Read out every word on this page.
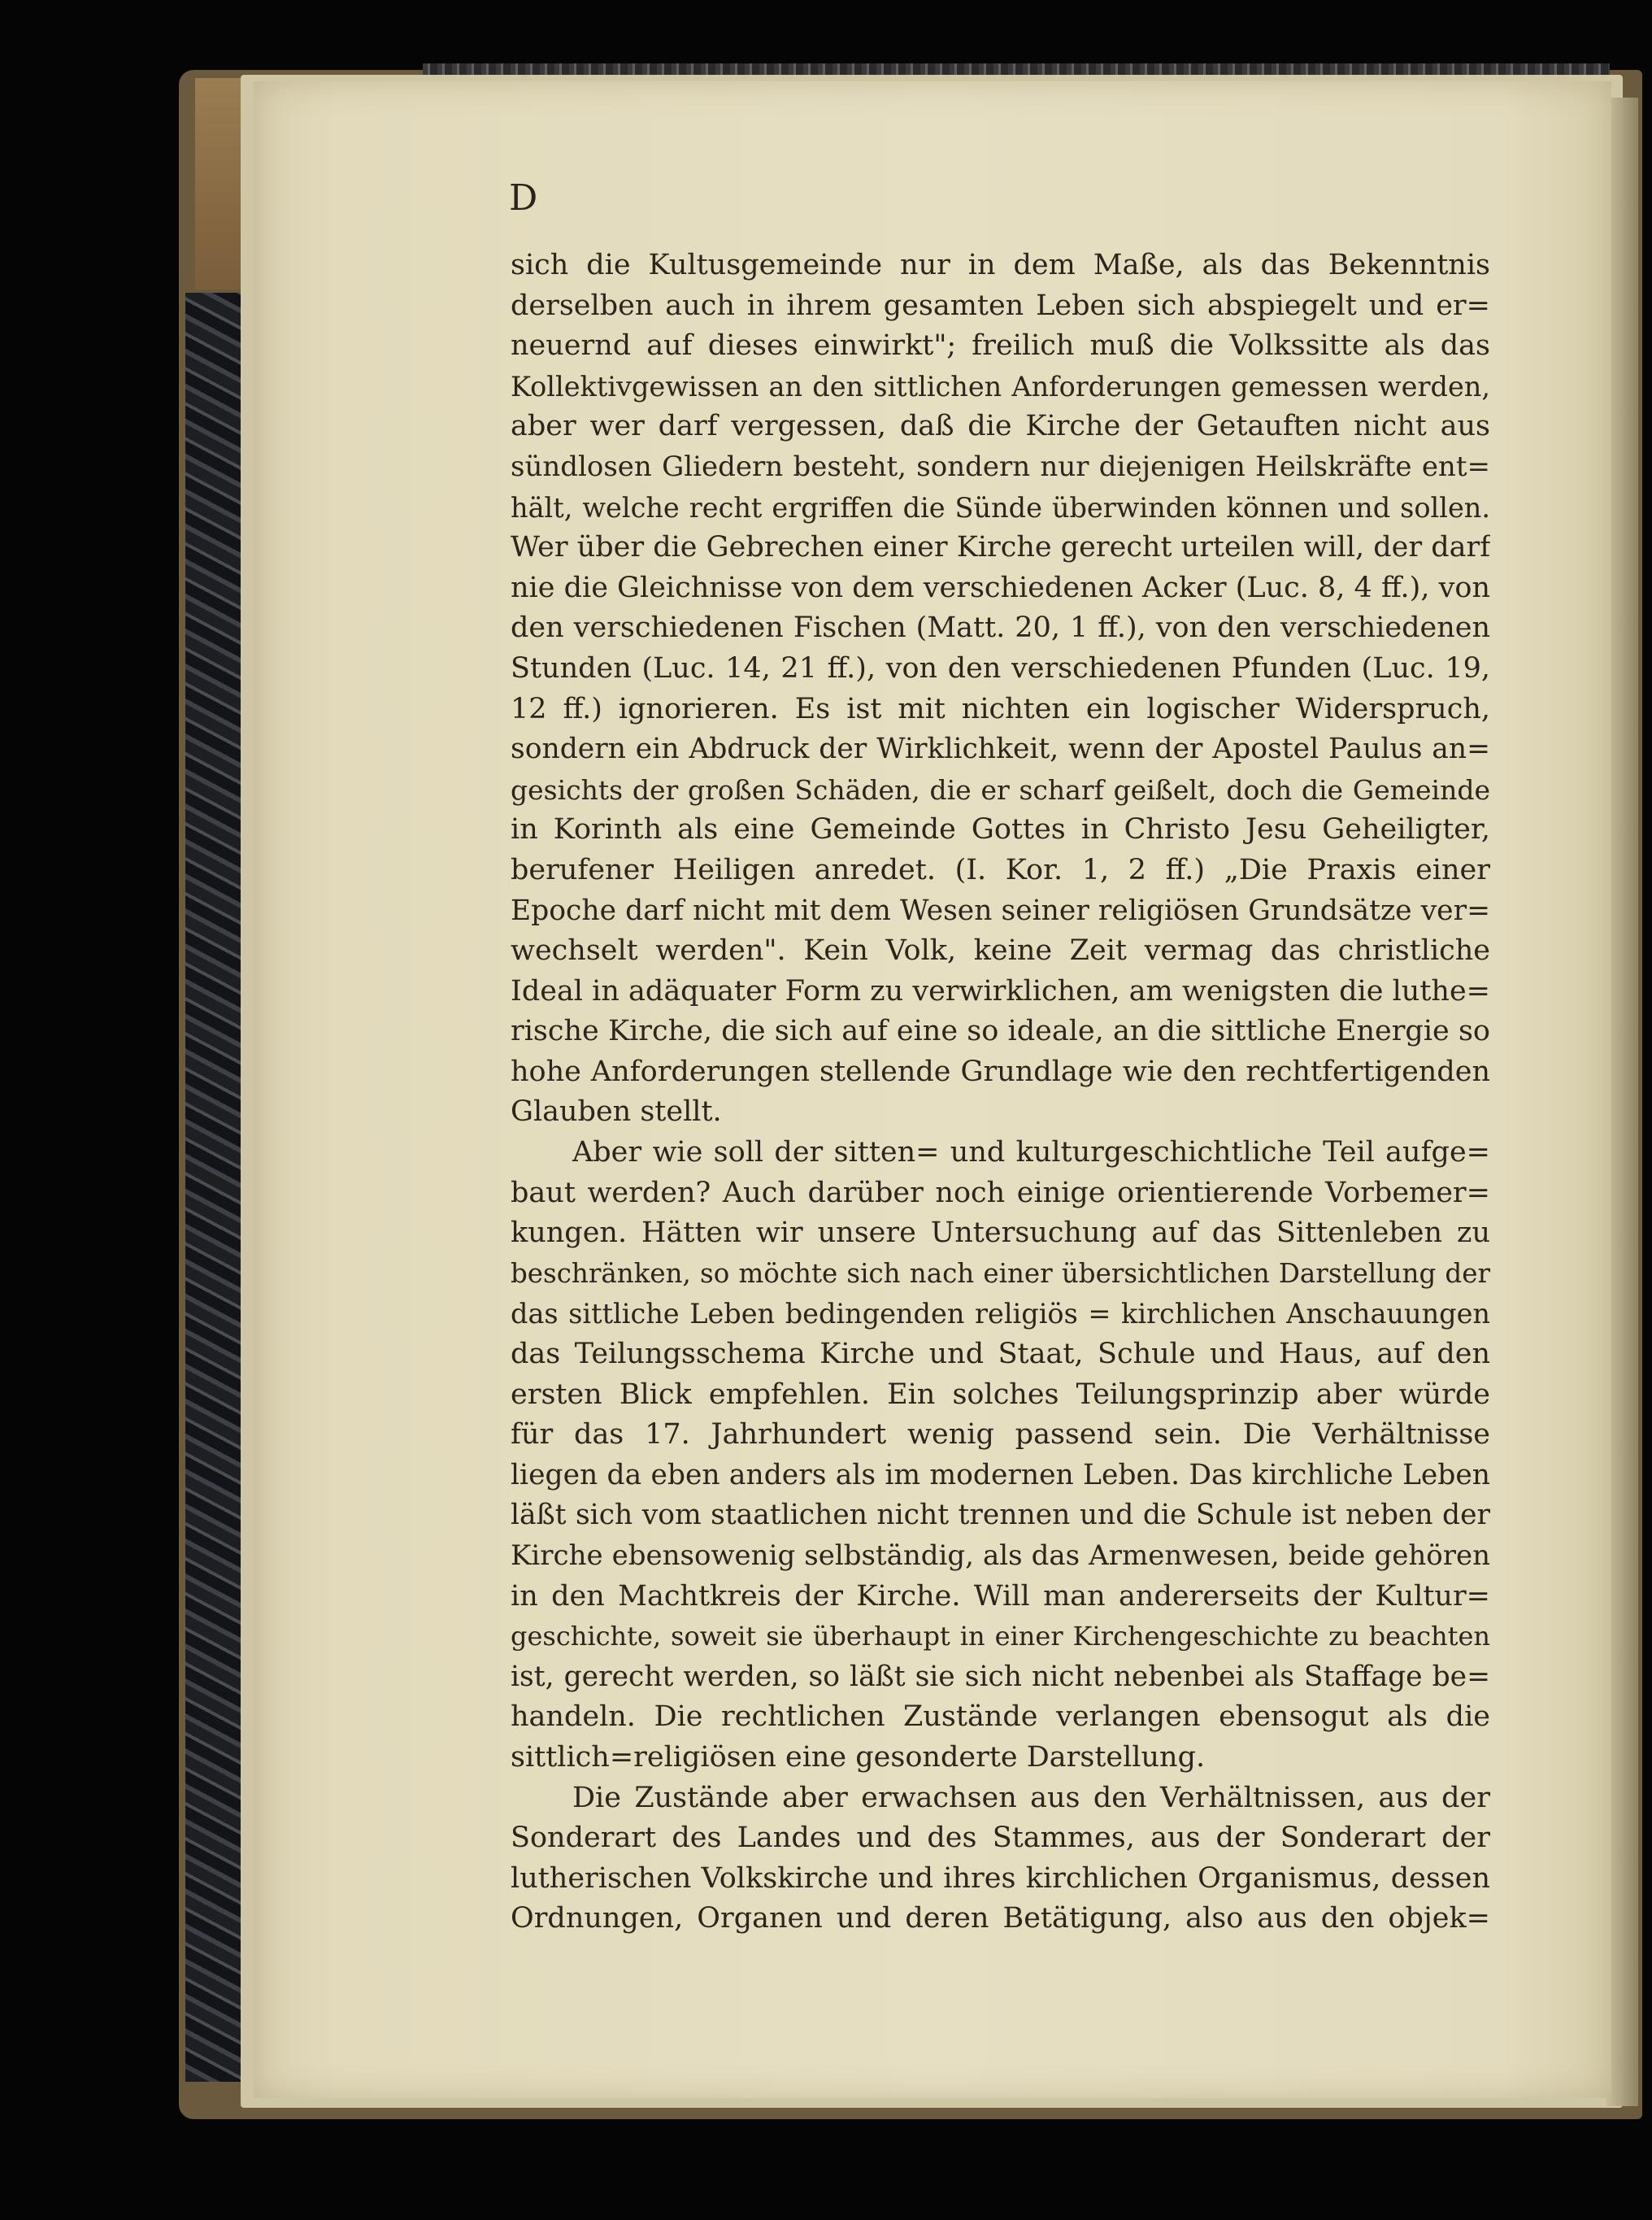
D
sich die Kultusgemeinde nur in dem Maße, als das Bekenntnis
derselben auch in ihrem gesamten Leben sich abspiegelt und er=
neuernd auf dieses einwirkt"; freilich muß die Volkssitte als das
Kollektivgewissen an den sittlichen Anforderungen gemessen werden,
aber wer darf vergessen, daß die Kirche der Getauften nicht aus
sündlosen Gliedern besteht, sondern nur diejenigen Heilskräfte ent=
hält, welche recht ergriffen die Sünde überwinden können und sollen.
Wer über die Gebrechen einer Kirche gerecht urteilen will, der darf
nie die Gleichnisse von dem verschiedenen Acker (Luc. 8, 4 ff.), von
den verschiedenen Fischen (Matt. 20, 1 ff.), von den verschiedenen
Stunden (Luc. 14, 21 ff.), von den verschiedenen Pfunden (Luc. 19,
12 ff.) ignorieren. Es ist mit nichten ein logischer Widerspruch,
sondern ein Abdruck der Wirklichkeit, wenn der Apostel Paulus an=
gesichts der großen Schäden, die er scharf geißelt, doch die Gemeinde
in Korinth als eine Gemeinde Gottes in Christo Jesu Geheiligter,
berufener Heiligen anredet. (I. Kor. 1, 2 ff.) „Die Praxis einer
Epoche darf nicht mit dem Wesen seiner religiösen Grundsätze ver=
wechselt werden". Kein Volk, keine Zeit vermag das christliche
Ideal in adäquater Form zu verwirklichen, am wenigsten die luthe=
rische Kirche, die sich auf eine so ideale, an die sittliche Energie so
hohe Anforderungen stellende Grundlage wie den rechtfertigenden
Glauben stellt.
Aber wie soll der sitten= und kulturgeschichtliche Teil aufge=
baut werden? Auch darüber noch einige orientierende Vorbemer=
kungen. Hätten wir unsere Untersuchung auf das Sittenleben zu
beschränken, so möchte sich nach einer übersichtlichen Darstellung der
das sittliche Leben bedingenden religiös = kirchlichen Anschauungen
das Teilungsschema Kirche und Staat, Schule und Haus, auf den
ersten Blick empfehlen. Ein solches Teilungsprinzip aber würde
für das 17. Jahrhundert wenig passend sein. Die Verhältnisse
liegen da eben anders als im modernen Leben. Das kirchliche Leben
läßt sich vom staatlichen nicht trennen und die Schule ist neben der
Kirche ebensowenig selbständig, als das Armenwesen, beide gehören
in den Machtkreis der Kirche. Will man andererseits der Kultur=
geschichte, soweit sie überhaupt in einer Kirchengeschichte zu beachten
ist, gerecht werden, so läßt sie sich nicht nebenbei als Staffage be=
handeln. Die rechtlichen Zustände verlangen ebensogut als die
sittlich=religiösen eine gesonderte Darstellung.
Die Zustände aber erwachsen aus den Verhältnissen, aus der
Sonderart des Landes und des Stammes, aus der Sonderart der
lutherischen Volkskirche und ihres kirchlichen Organismus, dessen
Ordnungen, Organen und deren Betätigung, also aus den objek=
